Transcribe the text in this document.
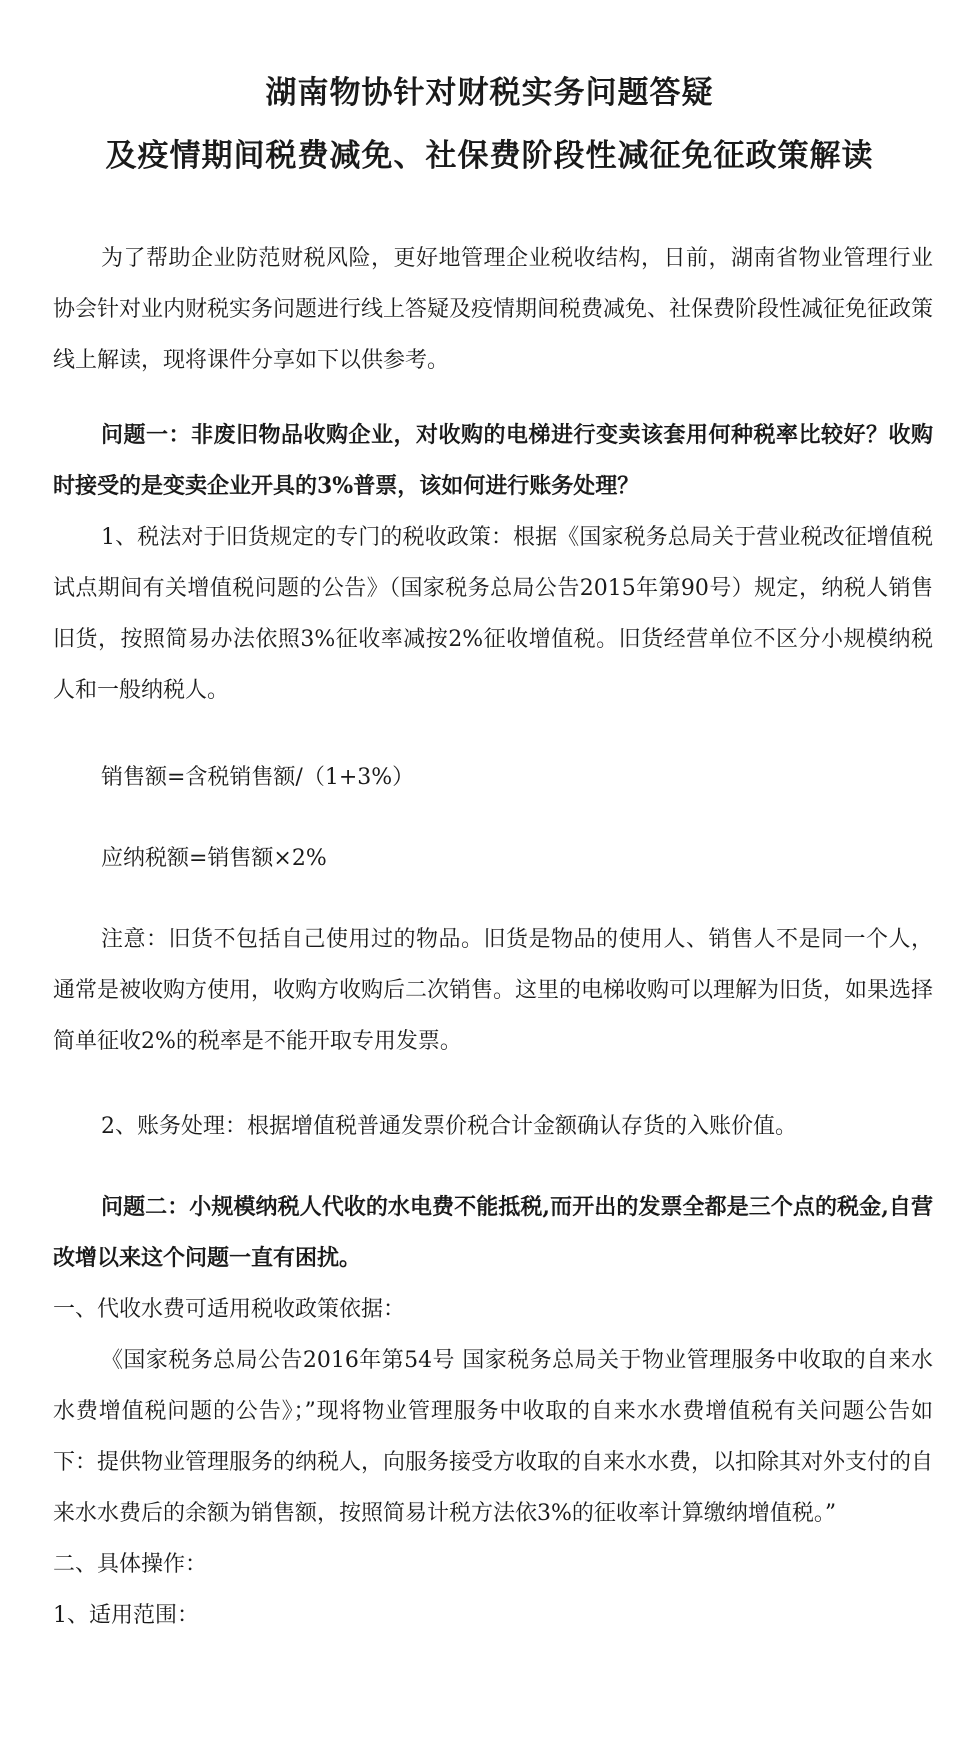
湖南物协针对财税实务问题答疑
及疫情期间税费减免、社保费阶段性减征免征政策解读

为了帮助企业防范财税风险，更好地管理企业税收结构，日前，湖南省物业管理行业协会针对业内财税实务问题进行线上答疑及疫情期间税费减免、社保费阶段性减征免征政策线上解读，现将课件分享如下以供参考。

问题一：非废旧物品收购企业，对收购的电梯进行变卖该套用何种税率比较好？收购时接受的是变卖企业开具的3%普票，该如何进行账务处理？

1、税法对于旧货规定的专门的税收政策：根据《国家税务总局关于营业税改征增值税试点期间有关增值税问题的公告》（国家税务总局公告2015年第90号）规定，纳税人销售旧货，按照简易办法依照3%征收率减按2%征收增值税。旧货经营单位不区分小规模纳税人和一般纳税人。

销售额=含税销售额/（1+3%）

应纳税额=销售额×2%

注意：旧货不包括自己使用过的物品。旧货是物品的使用人、销售人不是同一个人，通常是被收购方使用，收购方收购后二次销售。这里的电梯收购可以理解为旧货，如果选择简单征收2%的税率是不能开取专用发票。

2、账务处理：根据增值税普通发票价税合计金额确认存货的入账价值。

问题二：小规模纳税人代收的水电费不能抵税,而开出的发票全都是三个点的税金,自营改增以来这个问题一直有困扰。

一、代收水费可适用税收政策依据：

《国家税务总局公告2016年第54号 国家税务总局关于物业管理服务中收取的自来水水费增值税问题的公告》；”现将物业管理服务中收取的自来水水费增值税有关问题公告如下：提供物业管理服务的纳税人，向服务接受方收取的自来水水费，以扣除其对外支付的自来水水费后的余额为销售额，按照简易计税方法依3%的征收率计算缴纳增值税。”

二、具体操作：

1、适用范围：
